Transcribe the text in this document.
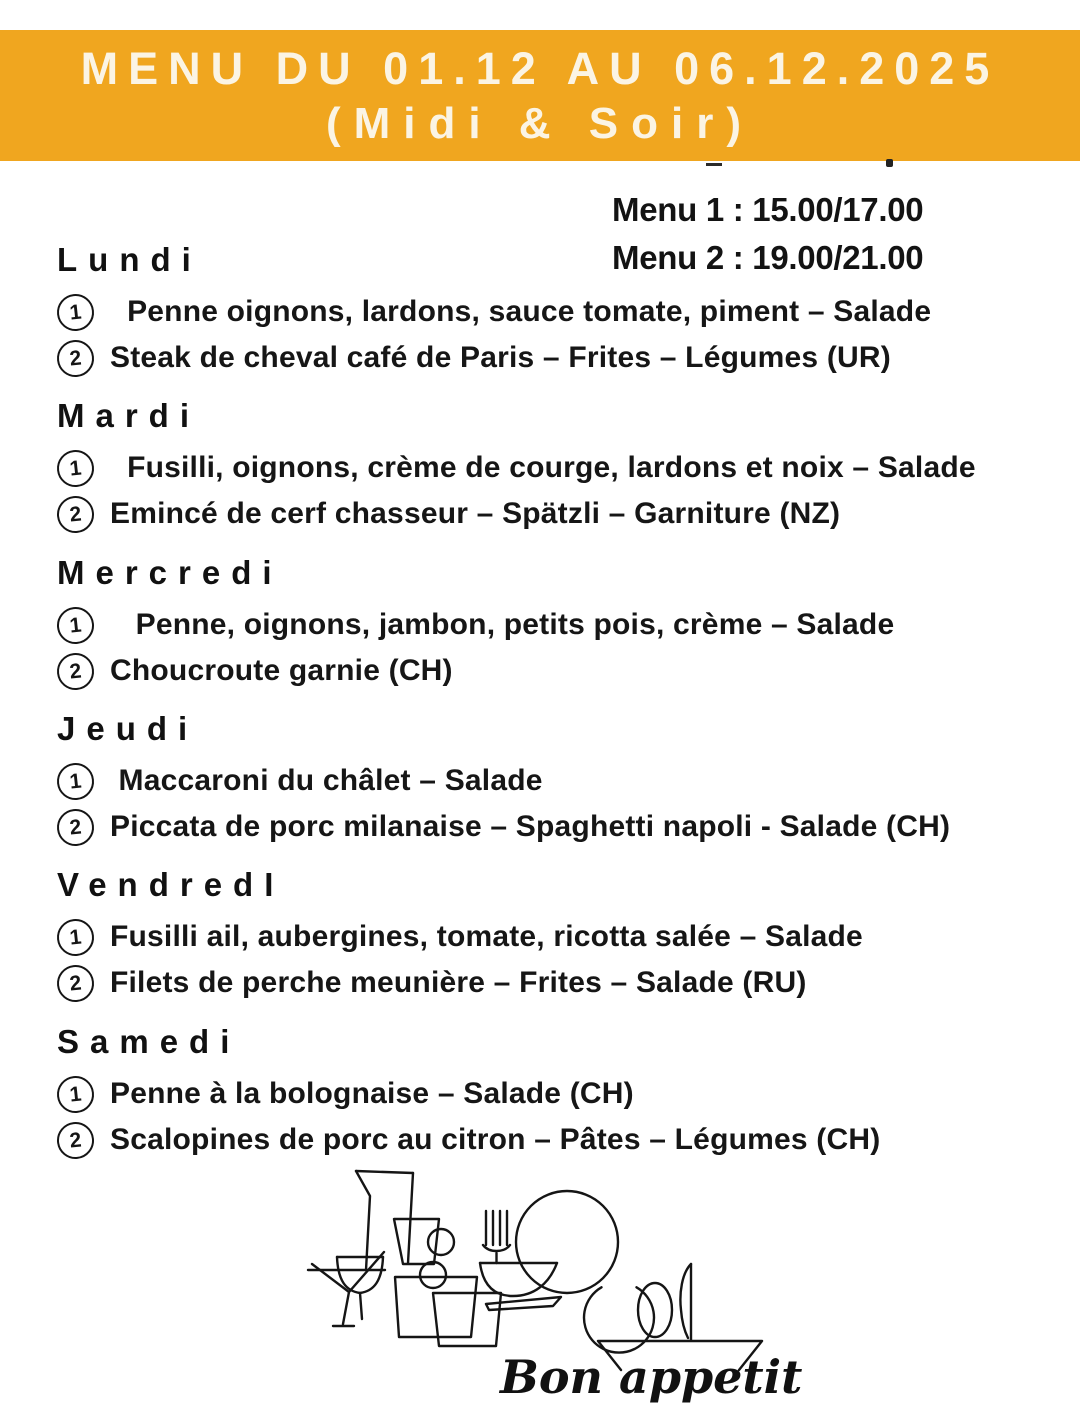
MENU DU 01.12 AU 06.12.2025
(Midi & Soir)
Menu 1 : 15.00/17.00
Menu 2 : 19.00/21.00
Lundi
1 Penne oignons, lardons, sauce tomate, piment – Salade
2 Steak de cheval café de Paris – Frites – Légumes (UR)
Mardi
1 Fusilli, oignons, crème de courge, lardons et noix – Salade
2 Emincé de cerf chasseur – Spätzli – Garniture (NZ)
Mercredi
1 Penne, oignons, jambon, petits pois, crème – Salade
2 Choucroute garnie (CH)
Jeudi
1 Maccaroni du châlet – Salade
2 Piccata de porc milanaise – Spaghetti napoli - Salade (CH)
VendredI
1 Fusilli ail, aubergines, tomate, ricotta salée – Salade
2 Filets de perche meunière – Frites – Salade (RU)
Samedi
1 Penne à la bolognaise – Salade (CH)
2 Scalopines de porc au citron – Pâtes – Légumes (CH)
Bon appetit
